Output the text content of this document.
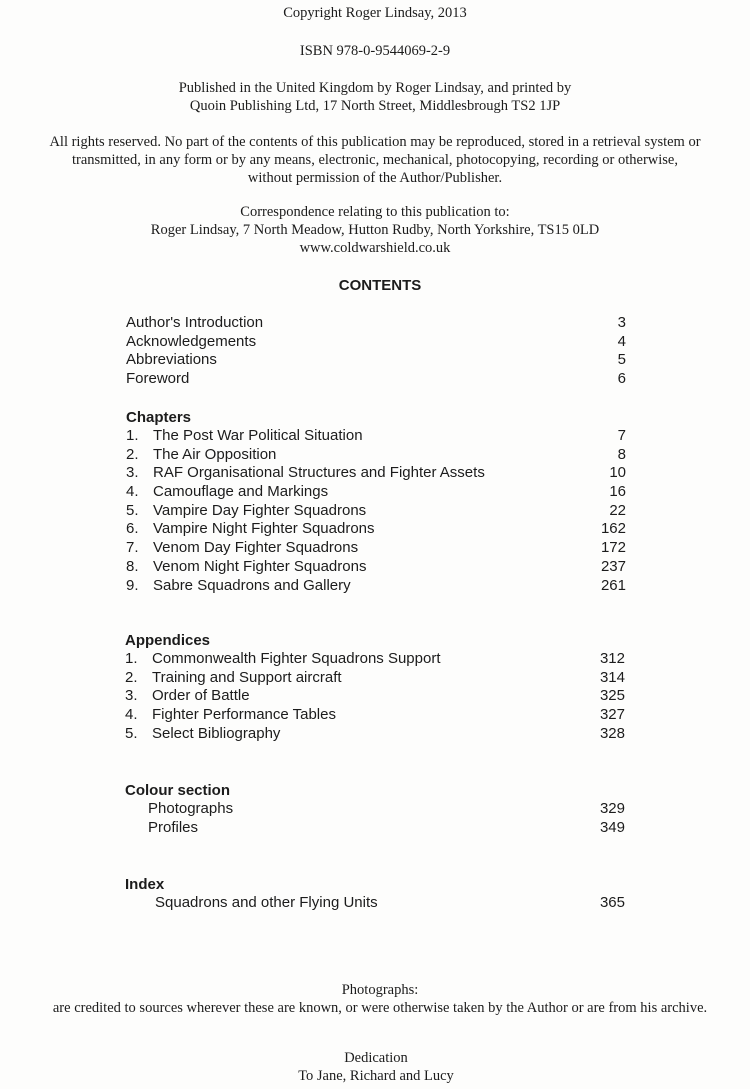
Copyright Roger Lindsay, 2013

ISBN 978-0-9544069-2-9

Published in the United Kingdom by Roger Lindsay, and printed by

Quoin Publishing Ltd, 17 North Street, Middlesbrough TS2 1JP

All rights reserved. No part of the contents of this publication may be reproduced, stored in a retrieval system or

transmitted, in any form or by any means, electronic, mechanical, photocopying, recording or otherwise,

without permission of the Author/Publisher.

Correspondence relating to this publication to:

Roger Lindsay, 7 North Meadow, Hutton Rudby, North Yorkshire, TS15 0LD

www.coldwarshield.co.uk

CONTENTS
Author's Introduction	3
Acknowledgements	4
Abbreviations	5
Foreword	6
Chapters
1. The Post War Political Situation	7
2. The Air Opposition	8
3. RAF Organisational Structures and Fighter Assets	10
4. Camouflage and Markings	16
5. Vampire Day Fighter Squadrons	22
6. Vampire Night Fighter Squadrons	162
7. Venom Day Fighter Squadrons	172
8. Venom Night Fighter Squadrons	237
9. Sabre Squadrons and Gallery	261
Appendices
1. Commonwealth Fighter Squadrons Support	312
2. Training and Support aircraft	314
3. Order of Battle	325
4. Fighter Performance Tables	327
5. Select Bibliography	328
Colour section
Photographs	329
Profiles	349
Index
Squadrons and other Flying Units	365

Photographs:

are credited to sources wherever these are known, or were otherwise taken by the Author or are from his archive.

Dedication

To Jane, Richard and Lucy
